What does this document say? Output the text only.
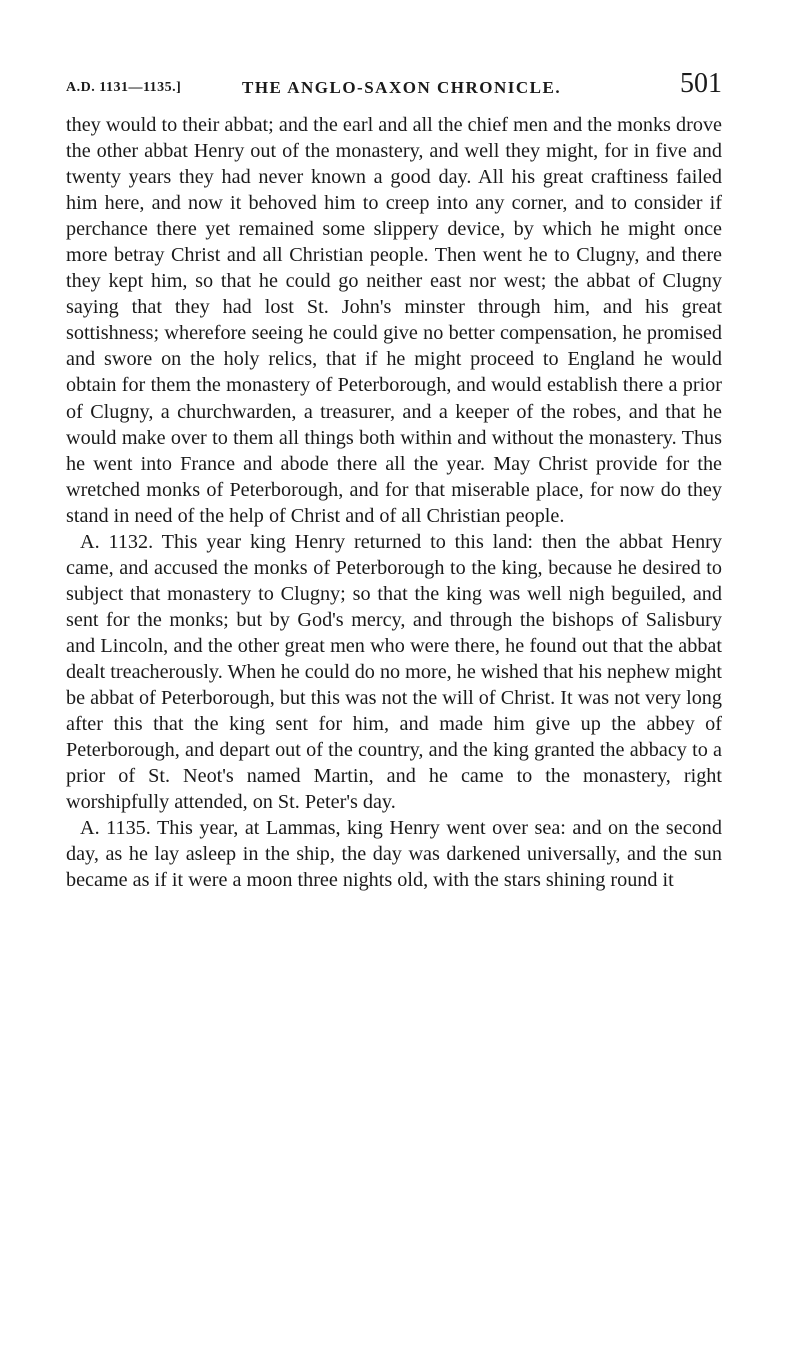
A.D. 1131—1135.]	THE ANGLO-SAXON CHRONICLE.	501

they would to their abbat; and the earl and all the chief men and the monks drove the other abbat Henry out of the monastery, and well they might, for in five and twenty years they had never known a good day. All his great craftiness failed him here, and now it behoved him to creep into any corner, and to consider if perchance there yet remained some slippery device, by which he might once more betray Christ and all Christian people. Then went he to Clugny, and there they kept him, so that he could go neither east nor west; the abbat of Clugny saying that they had lost St. John's minster through him, and his great sottishness; wherefore seeing he could give no better compensation, he promised and swore on the holy relics, that if he might proceed to England he would obtain for them the monastery of Peterborough, and would establish there a prior of Clugny, a churchwarden, a treasurer, and a keeper of the robes, and that he would make over to them all things both within and without the monastery. Thus he went into France and abode there all the year. May Christ provide for the wretched monks of Peterborough, and for that miserable place, for now do they stand in need of the help of Christ and of all Christian people.

A. 1132. This year king Henry returned to this land: then the abbat Henry came, and accused the monks of Peterborough to the king, because he desired to subject that monastery to Clugny; so that the king was well nigh beguiled, and sent for the monks; but by God's mercy, and through the bishops of Salisbury and Lincoln, and the other great men who were there, he found out that the abbat dealt treacherously. When he could do no more, he wished that his nephew might be abbat of Peterborough, but this was not the will of Christ. It was not very long after this that the king sent for him, and made him give up the abbey of Peterborough, and depart out of the country, and the king granted the abbacy to a prior of St. Neot's named Martin, and he came to the monastery, right worshipfully attended, on St. Peter's day.

A. 1135. This year, at Lammas, king Henry went over sea: and on the second day, as he lay asleep in the ship, the day was darkened universally, and the sun became as if it were a moon three nights old, with the stars shining round it
